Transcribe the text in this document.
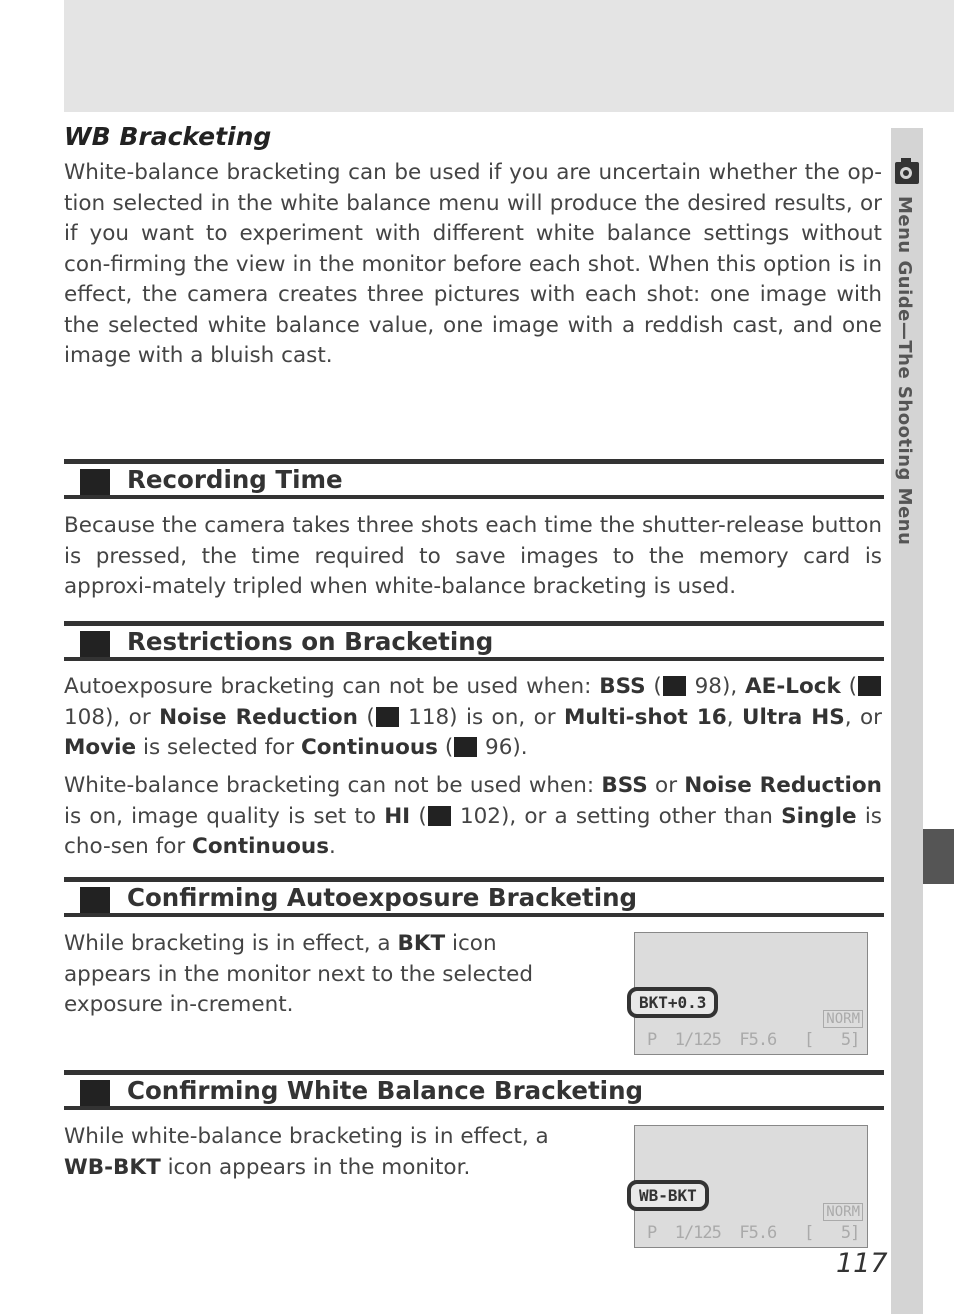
Menu Guide—The Shooting Menu
WB Bracketing

White-balance bracketing can be used if you are uncertain whether the op-tion selected in the white balance menu will produce the desired results, or if you want to experiment with different white balance settings without con-firming the view in the monitor before each shot. When this option is in effect, the camera creates three pictures with each shot: one image with the selected white balance value, one image with a reddish cast, and one image with a bluish cast.

Recording Time

Because the camera takes three shots each time the shutter-release button is pressed, the time required to save images to the memory card is approxi-mately tripled when white-balance bracketing is used.

Restrictions on Bracketing

Autoexposure bracketing can not be used when: BSS ( 98), AE-Lock ( 108), or Noise Reduction ( 118) is on, or Multi-shot 16, Ultra HS, or Movie is selected for Continuous ( 96).

White-balance bracketing can not be used when: BSS or Noise Reduction is on, image quality is set to HI ( 102), or a setting other than Single is cho-sen for Continuous.

Confirming Autoexposure Bracketing

While bracketing is in effect, a BKT icon appears in the monitor next to the selected exposure in-crement.	BKT+0.3
NORM
P  1/125  F5.6   [   5]
Confirming White Balance Bracketing

While white-balance bracketing is in effect, a WB-BKT icon appears in the monitor.

WB-BKT
NORM
P  1/125  F5.6   [   5]
117
